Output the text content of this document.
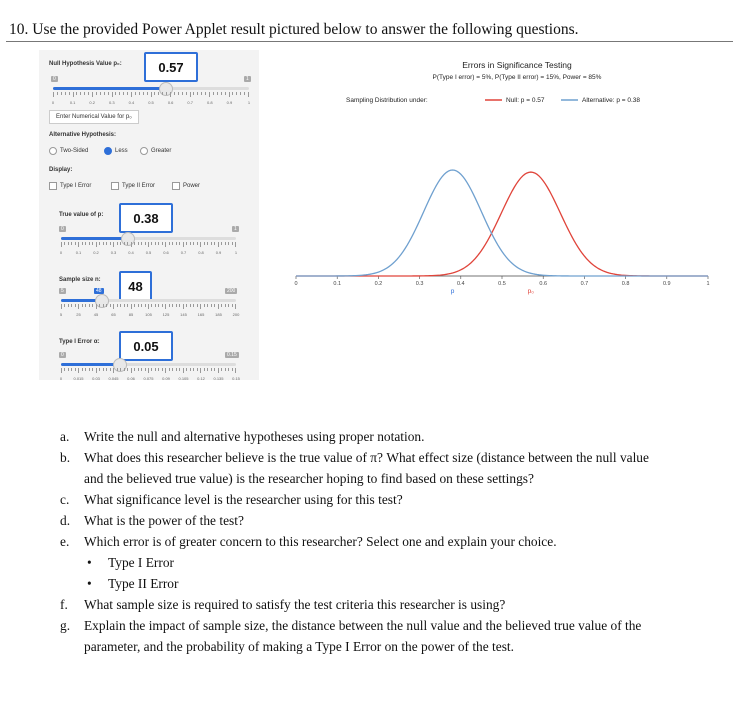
10. Use the provided Power Applet result pictured below to answer the following questions.
Null Hypothesis Value p₀:	0.57
0	1
0	0.1	0.2	0.3	0.4	0.5	0.6	0.7	0.8	0.9	1
Enter Numerical Value for p₀
Alternative Hypothesis:
Two-Sided	Less	Greater
Display:
Type I Error	Type II Error	Power
True value of p:	0.38
0	1
0	0.1	0.2	0.3	0.4	0.5	0.6	0.7	0.8	0.9	1
Sample size n:	48
5	48	200
5	25	45	65	85	105	125	145	165	185	200
Type I Error α:	0.05
0	0.15
0	0.015 0.03 0.045 0.06 0.075 0.09 0.105 0.12 0.135 0.15
Errors in Significance Testing
P(Type I error) = 5%, P(Type II error) = 15%, Power = 85%
Sampling Distribution under:	Null: p = 0.57	Alternative: p = 0.38
0	0.1	0.2	0.3	0.4	0.5	0.6	0.7	0.8	0.9	1
p	p₀
a. Write the null and alternative hypotheses using proper notation.
b. What does this researcher believe is the true value of π? What effect size (distance between the null value and the believed true value) is the researcher hoping to find based on these settings?
c. What significance level is the researcher using for this test?
d. What is the power of the test?
e. Which error is of greater concern to this researcher? Select one and explain your choice.
• Type I Error
• Type II Error
f. What sample size is required to satisfy the test criteria this researcher is using?
g. Explain the impact of sample size, the distance between the null value and the believed true value of the parameter, and the probability of making a Type I Error on the power of the test.
